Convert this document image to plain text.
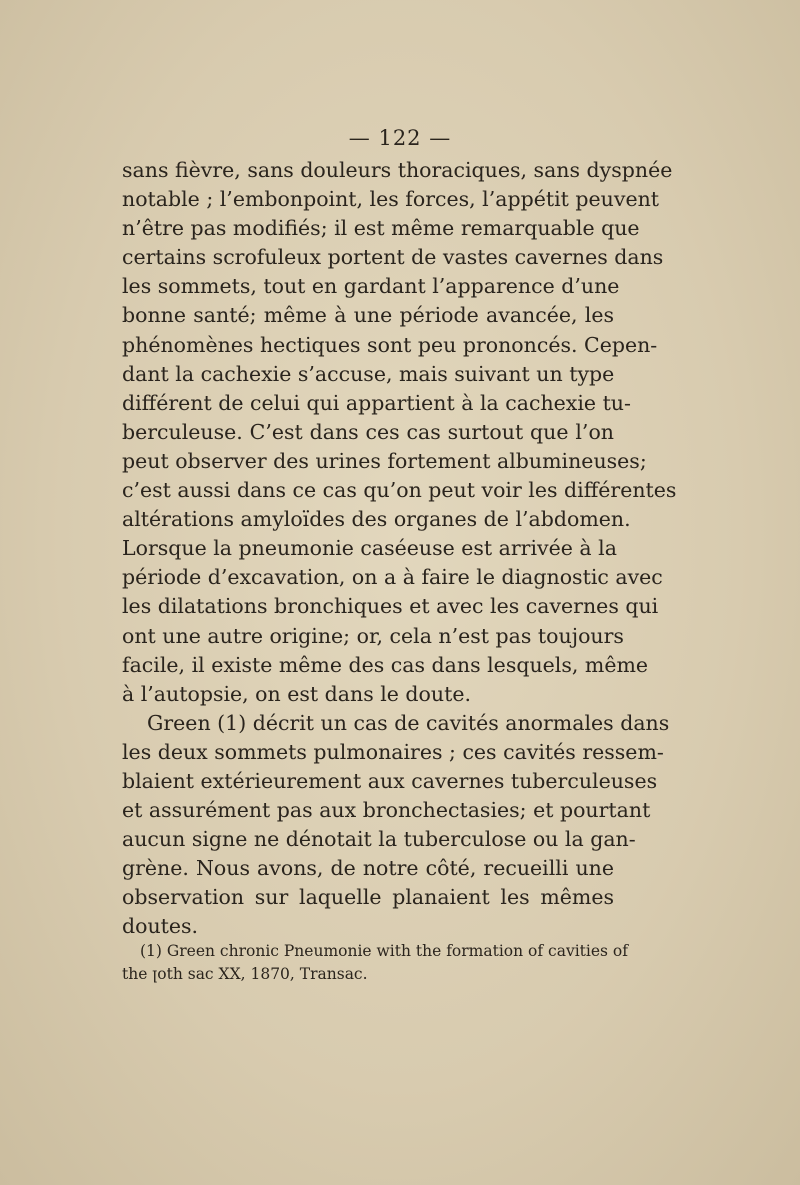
— 122 —
sans fièvre, sans douleurs thoraciques, sans dyspnée
notable ; l’embonpoint, les forces, l’appétit peuvent
n’être pas modifiés; il est même remarquable que
certains scrofuleux portent de vastes cavernes dans
les sommets, tout en gardant l’apparence d’une
bonne santé; même à une période avancée, les
phénomènes hectiques sont peu prononcés. Cepen-
dant la cachexie s’accuse, mais suivant un type
différent de celui qui appartient à la cachexie tu-
berculeuse. C’est dans ces cas surtout que l’on
peut observer des urines fortement albumineuses;
c’est aussi dans ce cas qu’on peut voir les différentes
altérations amyloïdes des organes de l’abdomen.
Lorsque la pneumonie caséeuse est arrivée à la
période d’excavation, on a à faire le diagnostic avec
les dilatations bronchiques et avec les cavernes qui
ont une autre origine; or, cela n’est pas toujours
facile, il existe même des cas dans lesquels, même
à l’autopsie, on est dans le doute.
Green (1) décrit un cas de cavités anormales dans
les deux sommets pulmonaires ; ces cavités ressem-
blaient extérieurement aux cavernes tuberculeuses
et assurément pas aux bronchectasies; et pourtant
aucun signe ne dénotait la tuberculose ou la gan-
grène. Nous avons, de notre côté, recueilli une
observation sur laquelle planaient les mêmes
doutes.
(1) Green chronic Pneumonie with the formation of cavities of
the ꞁoth sac XX, 1870, Transac.
